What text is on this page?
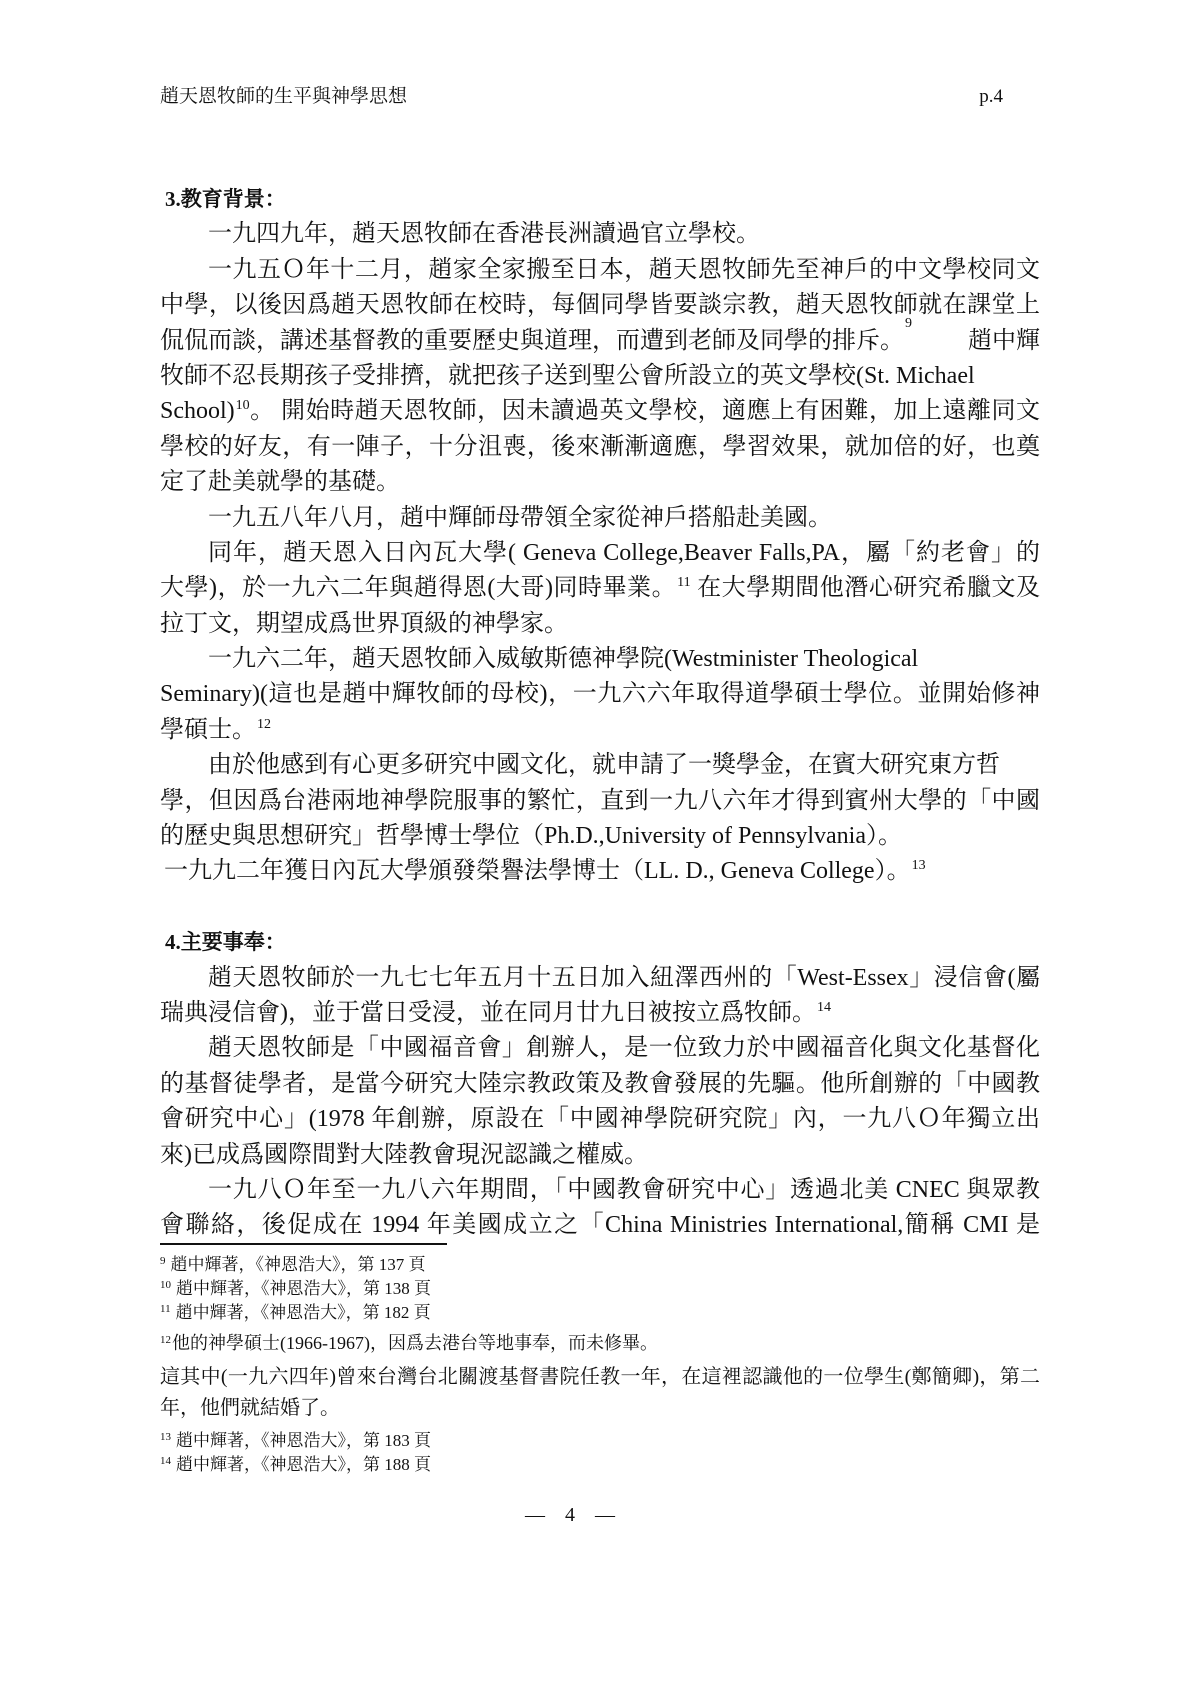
趙天恩牧師的生平與神學思想	p.4
3.教育背景：
一九四九年，趙天恩牧師在香港長洲讀過官立學校。
一九五Ｏ年十二月，趙家全家搬至日本，趙天恩牧師先至神戶的中文學校同文
中學，以後因爲趙天恩牧師在校時，每個同學皆要談宗教，趙天恩牧師就在課堂上
侃侃而談，講述基督教的重要歷史與道理，而遭到老師及同學的排斥。
9
趙中輝
牧師不忍長期孩子受排擠，就把孩子送到聖公會所設立的英文學校(St. Michael
School)$^{10}$。 開始時趙天恩牧師，因未讀過英文學校，適應上有困難，加上遠離同文
學校的好友，有一陣子，十分沮喪，後來漸漸適應，學習效果，就加倍的好，也奠
定了赴美就學的基礎。
一九五八年八月，趙中輝師母帶領全家從神戶搭船赴美國。
同年，趙天恩入日內瓦大學( Geneva College,Beaver Falls,PA，屬「約老會」的
大學)，於一九六二年與趙得恩(大哥)同時畢業。$^{11}$ 在大學期間他潛心研究希臘文及
拉丁文，期望成爲世界頂級的神學家。
一九六二年，趙天恩牧師入威敏斯德神學院(Westminister Theological
Seminary)(這也是趙中輝牧師的母校)，一九六六年取得道學碩士學位。並開始修神
學碩士。$^{12}$
由於他感到有心更多研究中國文化，就申請了一獎學金，在賓大研究東方哲
學，但因爲台港兩地神學院服事的繁忙，直到一九八六年才得到賓州大學的「中國
的歷史與思想研究」哲學博士學位（Ph.D.,University of Pennsylvania）。
一九九二年獲日內瓦大學頒發榮譽法學博士（LL. D., Geneva College）。$^{13}$
4.主要事奉：
趙天恩牧師於一九七七年五月十五日加入紐澤西州的「West-Essex」浸信會(屬
瑞典浸信會)，並于當日受浸，並在同月廿九日被按立爲牧師。$^{14}$
趙天恩牧師是「中國福音會」創辦人，是一位致力於中國福音化與文化基督化
的基督徒學者，是當今研究大陸宗教政策及教會發展的先驅。他所創辦的「中國教
會研究中心」(1978 年創辦，原設在「中國神學院研究院」內，一九八Ｏ年獨立出
來)已成爲國際間對大陸教會現況認識之權威。
一九八Ｏ年至一九八六年期間，「中國教會研究中心」透過北美 CNEC 與眾教
會聯絡，後促成在 1994 年美國成立之「China Ministries International,簡稱 CMI 是
$^9$ 趙中輝著，《神恩浩大》，第 137 頁
$^{10}$ 趙中輝著，《神恩浩大》，第 138 頁
$^{11}$ 趙中輝著，《神恩浩大》，第 182 頁
$^{12}$他的神學碩士(1966-1967)，因爲去港台等地事奉，而未修畢。
這其中(一九六四年)曾來台灣台北關渡基督書院任教一年，在這裡認識他的一位學生(鄭簡卿)，第二
年，他們就結婚了。
$^{13}$ 趙中輝著，《神恩浩大》，第 183 頁
$^{14}$ 趙中輝著，《神恩浩大》，第 188 頁
— 4 —
